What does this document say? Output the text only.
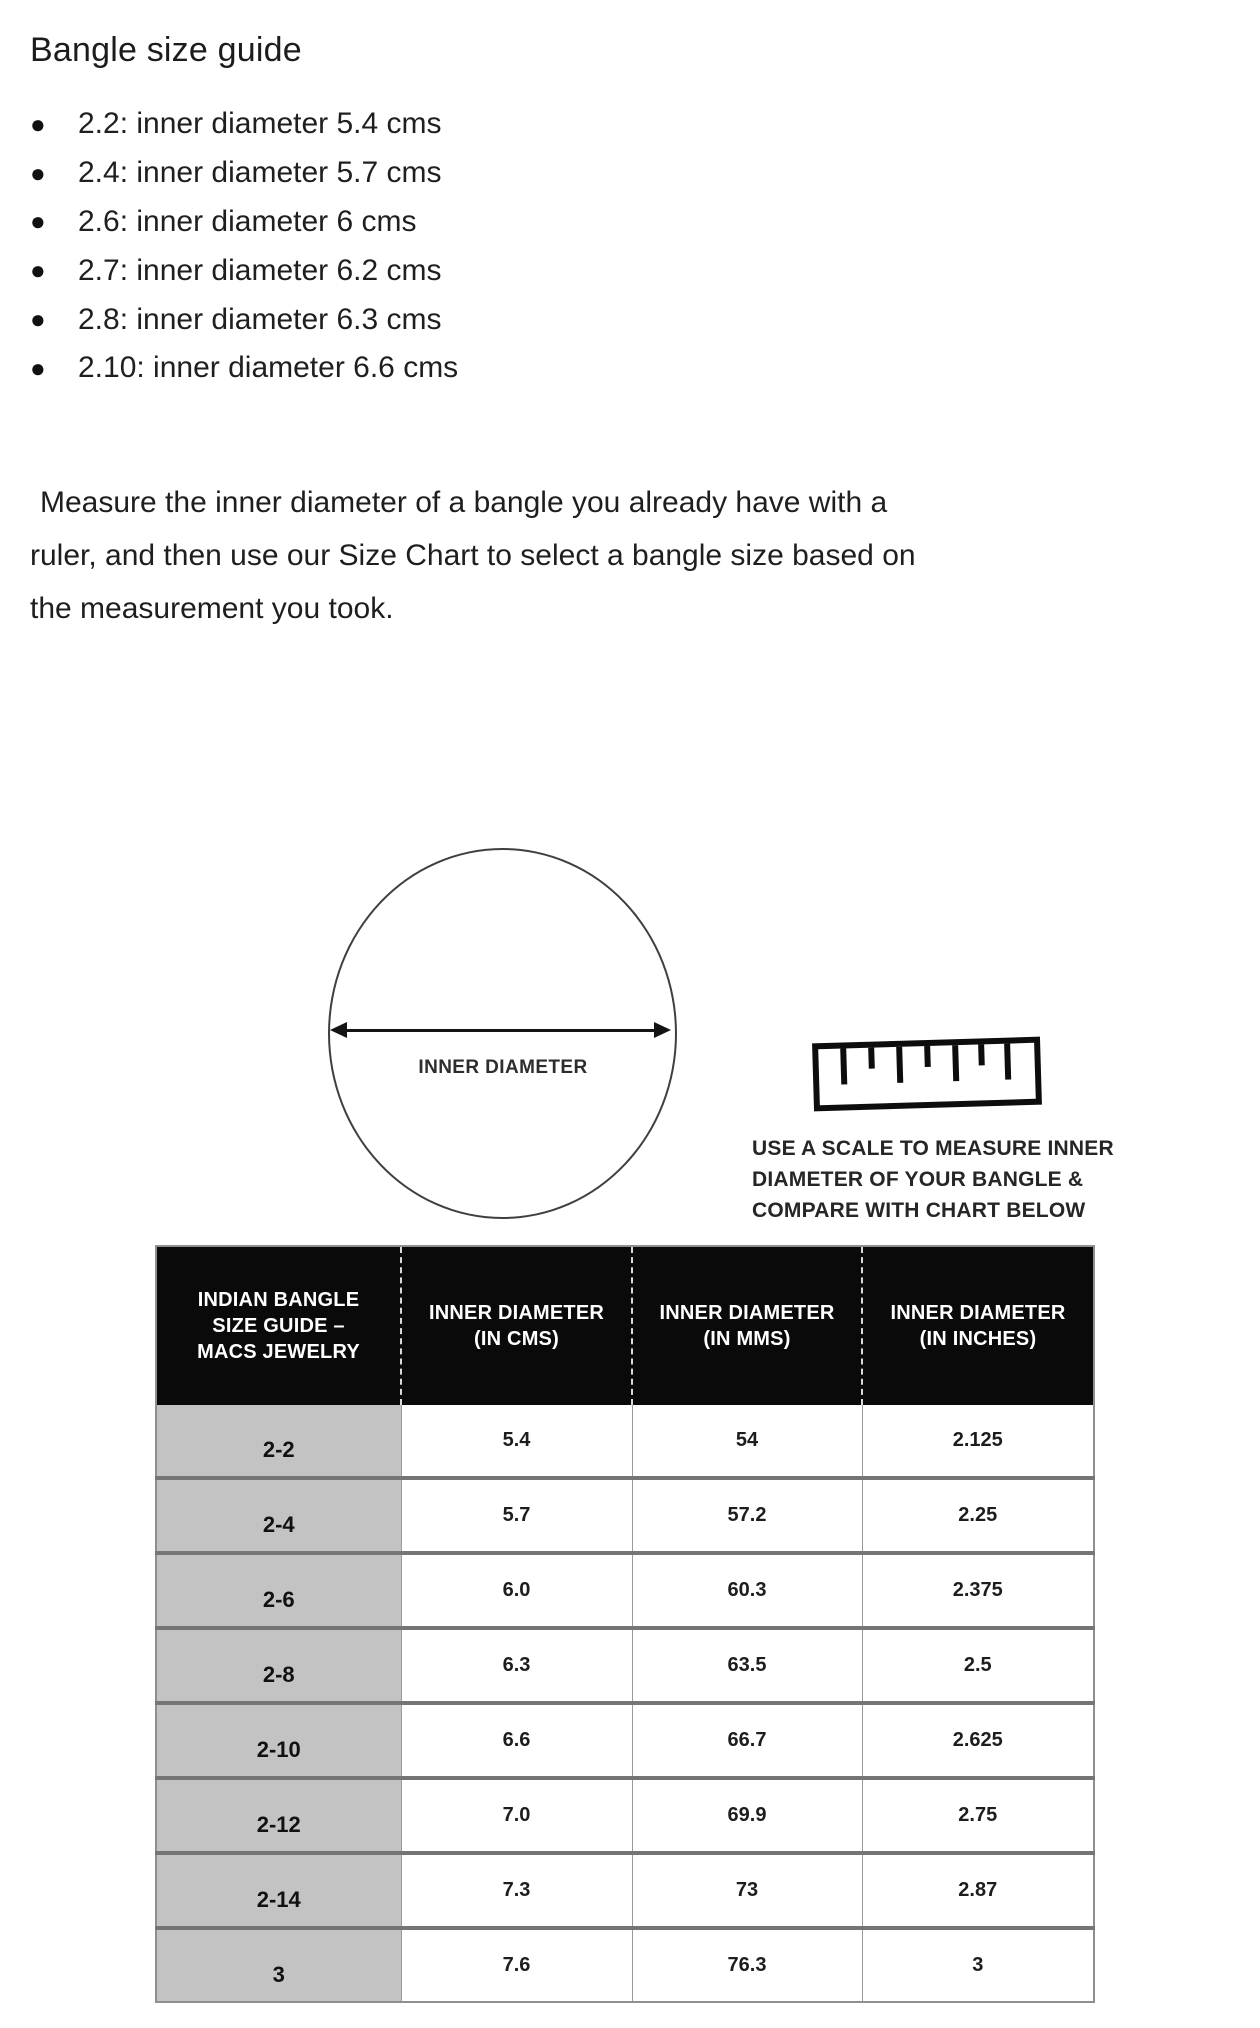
Bangle size guide
● 2.2: inner diameter 5.4 cms
● 2.4: inner diameter 5.7 cms
● 2.6: inner diameter 6 cms
● 2.7: inner diameter 6.2 cms
● 2.8: inner diameter 6.3 cms
● 2.10: inner diameter 6.6 cms

Measure the inner diameter of a bangle you already have with a ruler, and then use our Size Chart to select a bangle size based on the measurement you took.

INNER DIAMETER
USE A SCALE TO MEASURE INNER
DIAMETER OF YOUR BANGLE &
COMPARE WITH CHART BELOW
INDIAN BANGLE SIZE GUIDE – MACS JEWELRY	INNER DIAMETER (IN CMS)	INNER DIAMETER (IN MMS)	INNER DIAMETER (IN INCHES)
2-2	5.4	54	2.125
2-4	5.7	57.2	2.25
2-6	6.0	60.3	2.375
2-8	6.3	63.5	2.5
2-10	6.6	66.7	2.625
2-12	7.0	69.9	2.75
2-14	7.3	73	2.87
3	7.6	76.3	3
